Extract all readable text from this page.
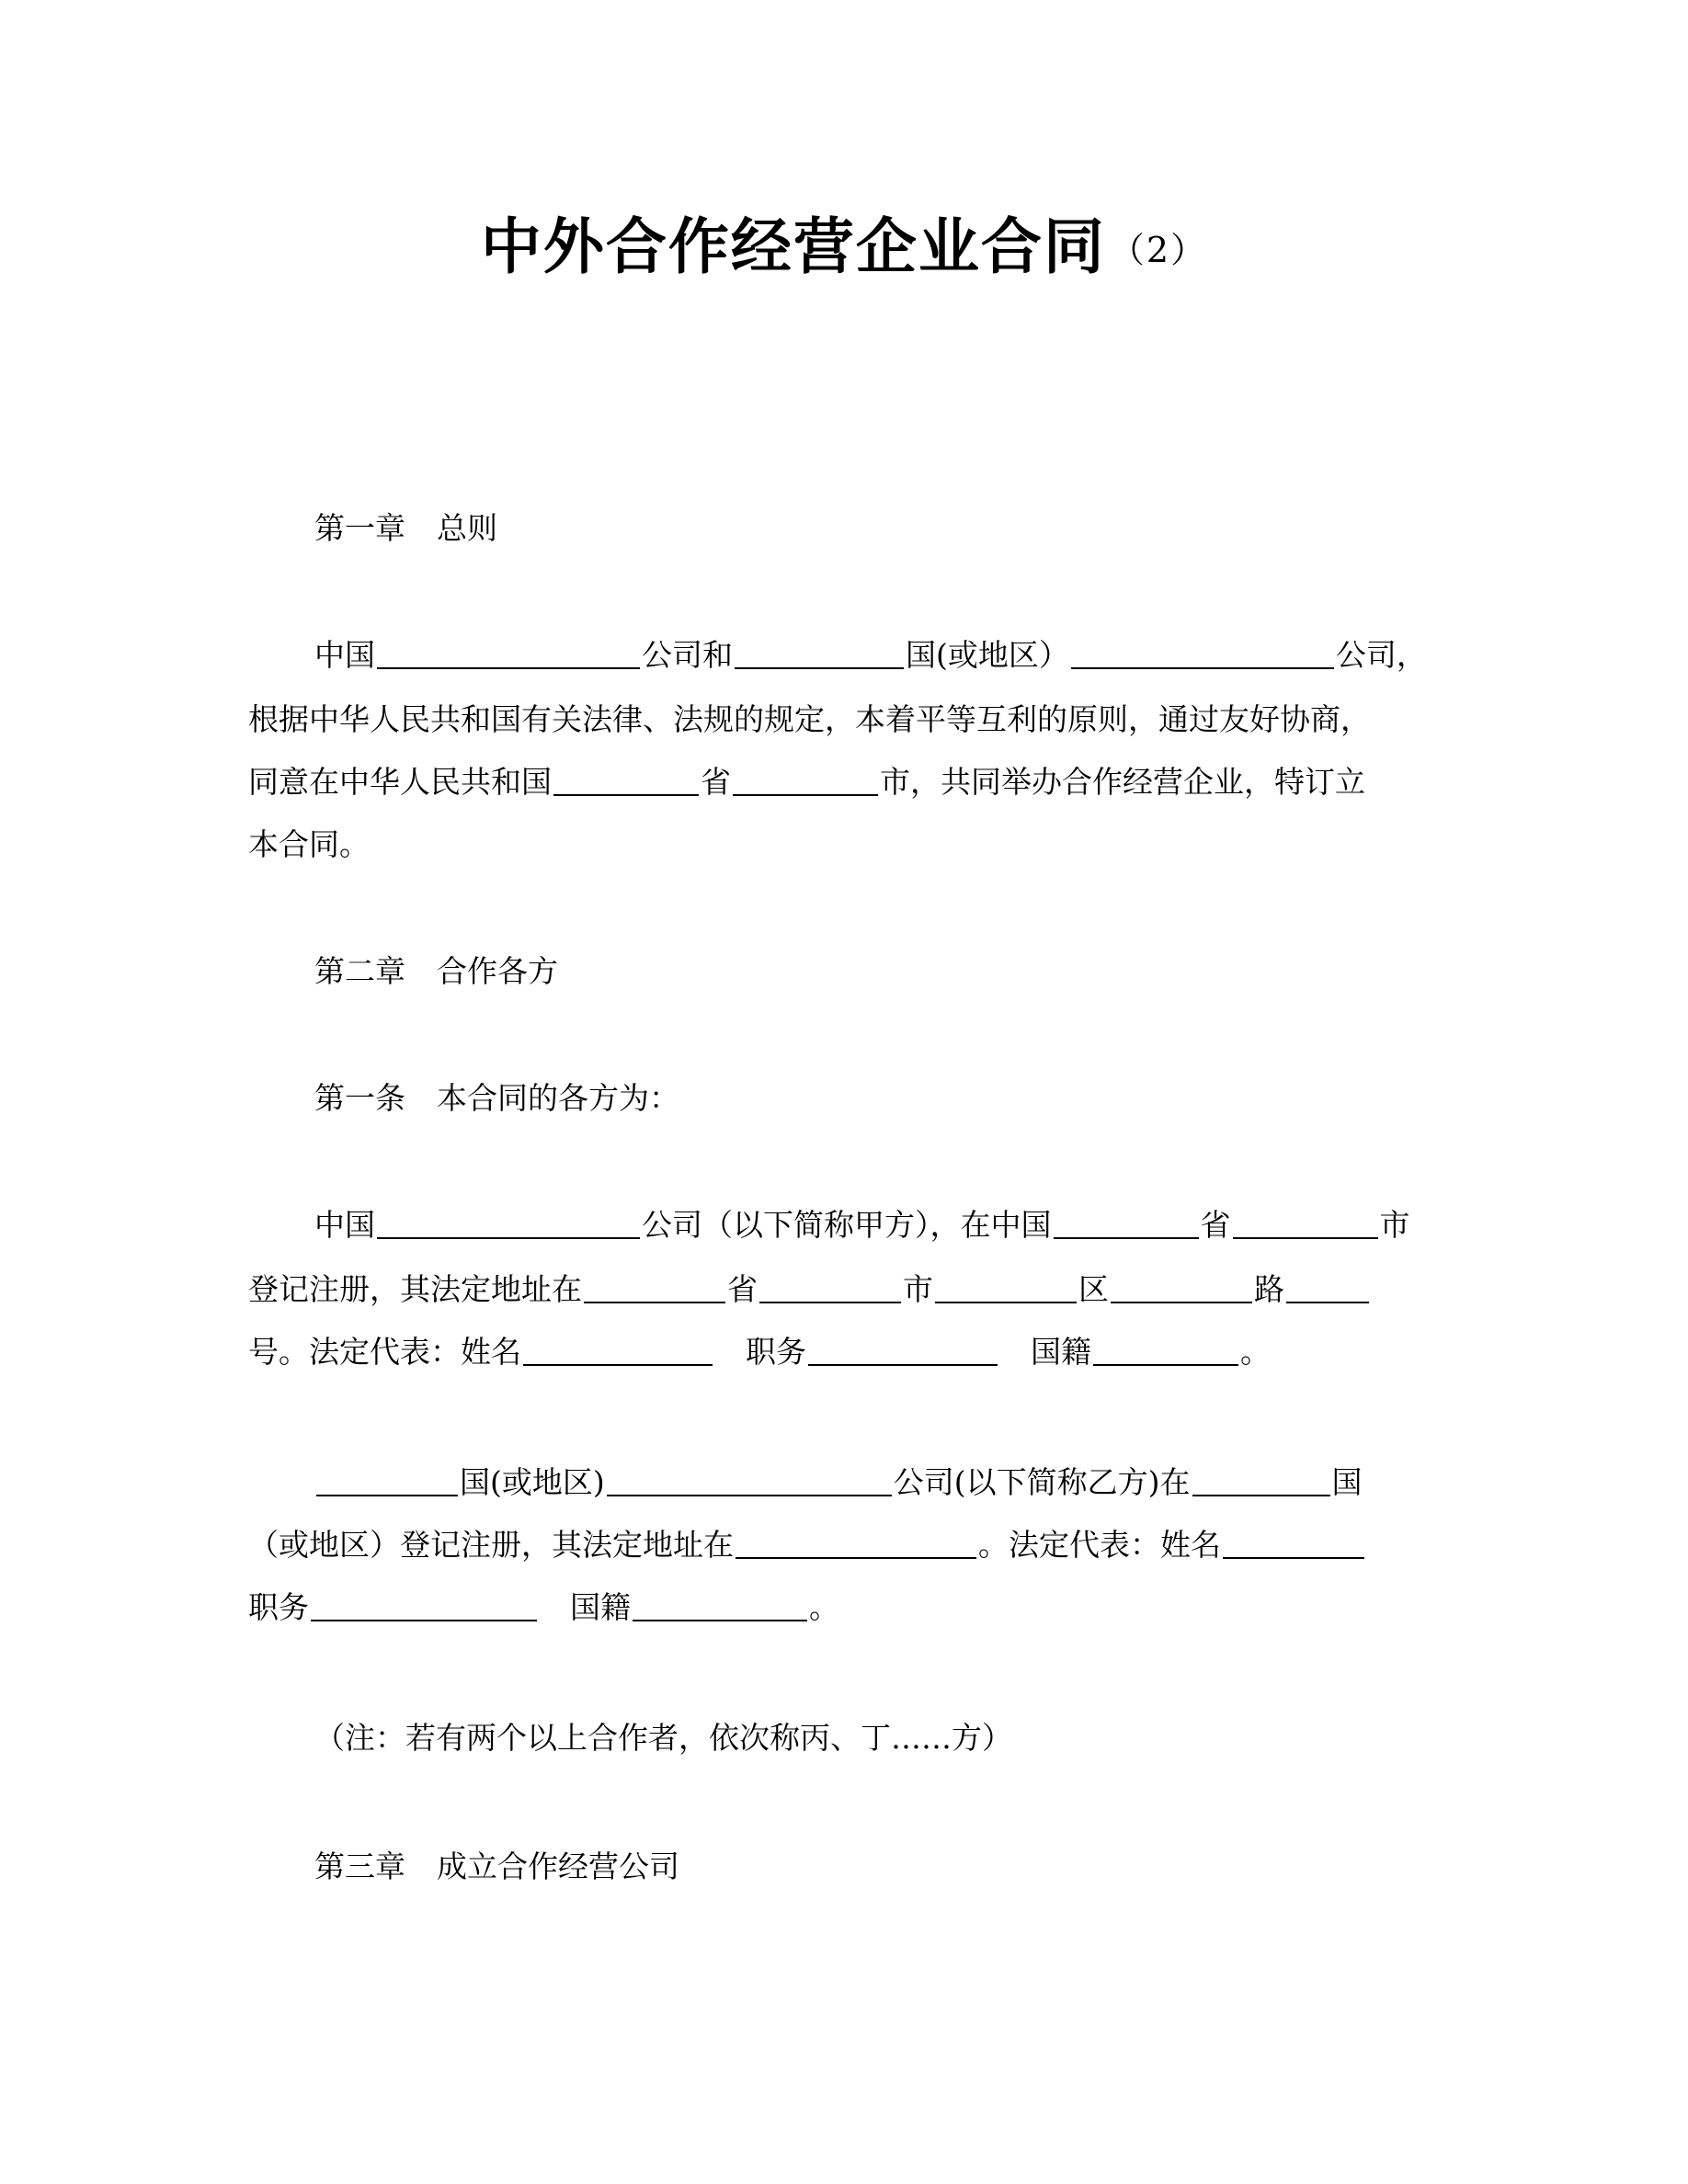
中外合作经营企业合同 （2）
第一章 总则
中国	公司和	国(或地区）	公司，
根据中华人民共和国有关法律、法规的规定，本着平等互利的原则，通过友好协商，
同意在中华人民共和国	省	市，共同举办合作经营企业，特订立
本合同。
第二章 合作各方
第一条 本合同的各方为：
中国	公司（以下简称甲方），在中国	省	市
登记注册，其法定地址在	省	市	区	路
号。法定代表：姓名	职务	国籍	。
国(或地区)	公司(以下简称乙方)在	国
（或地区）登记注册，其法定地址在	。法定代表：姓名
职务	国籍	。
（注：若有两个以上合作者，依次称丙、丁……方）
第三章 成立合作经营公司
